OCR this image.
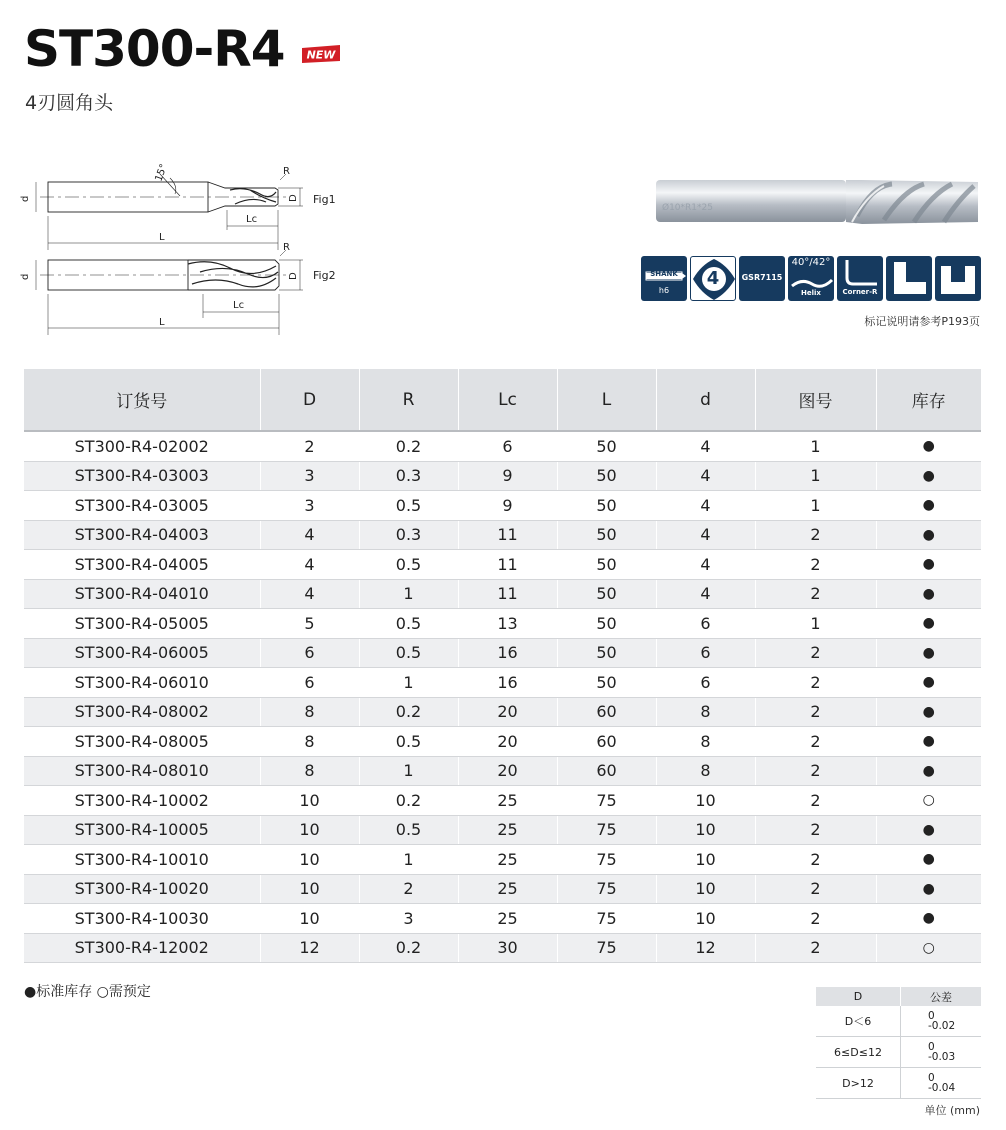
ST300-R4 NEW
4刃圆角头
d
15°	R
D
Lc
L
Fig1
d
R
D
Lc
L
Fig2
Ø10*R1*25
SHANK
h6
4	GSR7115
40°/42°
Helix	Corner-R
标记说明请参考P193页
订货号	D	R	Lc	L	d	图号	库存
ST300-R4-02002	2	0.2	6	50	4	1	●
ST300-R4-03003	3	0.3	9	50	4	1	●
ST300-R4-03005	3	0.5	9	50	4	1	●
ST300-R4-04003	4	0.3	11	50	4	2	●
ST300-R4-04005	4	0.5	11	50	4	2	●
ST300-R4-04010	4	1	11	50	4	2	●
ST300-R4-05005	5	0.5	13	50	6	1	●
ST300-R4-06005	6	0.5	16	50	6	2	●
ST300-R4-06010	6	1	16	50	6	2	●
ST300-R4-08002	8	0.2	20	60	8	2	●
ST300-R4-08005	8	0.5	20	60	8	2	●
ST300-R4-08010	8	1	20	60	8	2	●
ST300-R4-10002	10	0.2	25	75	10	2	○
ST300-R4-10005	10	0.5	25	75	10	2	●
ST300-R4-10010	10	1	25	75	10	2	●
ST300-R4-10020	10	2	25	75	10	2	●
ST300-R4-10030	10	3	25	75	10	2	●
ST300-R4-12002	12	0.2	30	75	12	2	○
●标准库存 ○需预定	D	公差
D＜6	0
-0.02

6≤D≤12	0
-0.03

D>12	0
-0.04
单位 (mm)
